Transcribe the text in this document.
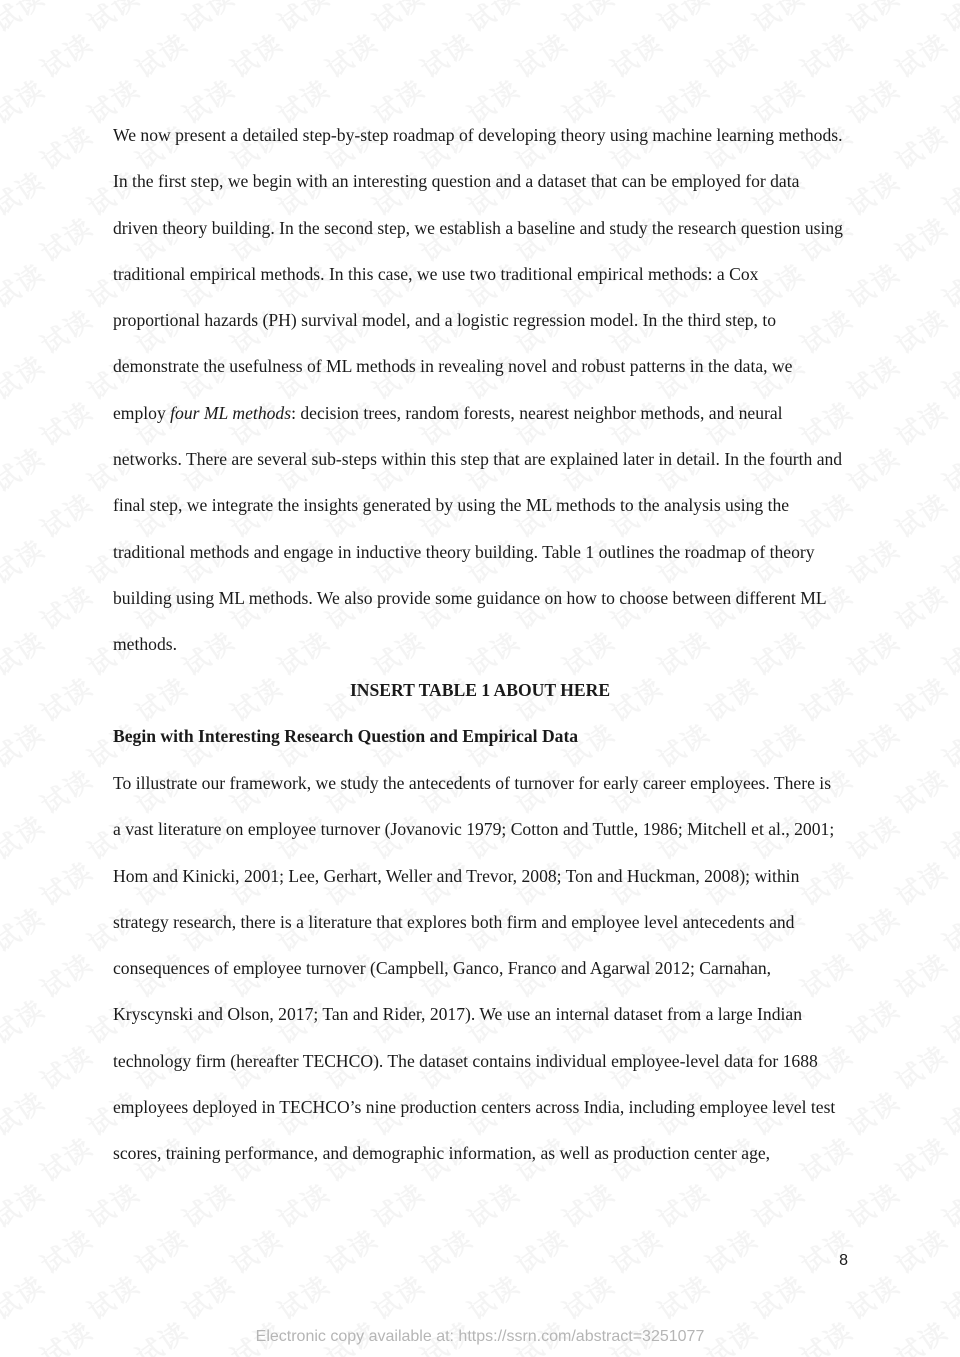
We now present a detailed step-by-step roadmap of developing theory using machine learning methods. In the first step, we begin with an interesting question and a dataset that can be employed for data driven theory building. In the second step, we establish a baseline and study the research question using traditional empirical methods. In this case, we use two traditional empirical methods: a Cox proportional hazards (PH) survival model, and a logistic regression model. In the third step, to demonstrate the usefulness of ML methods in revealing novel and robust patterns in the data, we employ four ML methods: decision trees, random forests, nearest neighbor methods, and neural networks. There are several sub-steps within this step that are explained later in detail. In the fourth and final step, we integrate the insights generated by using the ML methods to the analysis using the traditional methods and engage in inductive theory building. Table 1 outlines the roadmap of theory building using ML methods. We also provide some guidance on how to choose between different ML methods.

INSERT TABLE 1 ABOUT HERE

Begin with Interesting Research Question and Empirical Data

To illustrate our framework, we study the antecedents of turnover for early career employees. There is a vast literature on employee turnover (Jovanovic 1979; Cotton and Tuttle, 1986; Mitchell et al., 2001; Hom and Kinicki, 2001; Lee, Gerhart, Weller and Trevor, 2008; Ton and Huckman, 2008); within strategy research, there is a literature that explores both firm and employee level antecedents and consequences of employee turnover (Campbell, Ganco, Franco and Agarwal 2012; Carnahan, Kryscynski and Olson, 2017; Tan and Rider, 2017). We use an internal dataset from a large Indian technology firm (hereafter TECHCO). The dataset contains individual employee-level data for 1688 employees deployed in TECHCO’s nine production centers across India, including employee level test scores, training performance, and demographic information, as well as production center age,

8
Electronic copy available at: https://ssrn.com/abstract=3251077
